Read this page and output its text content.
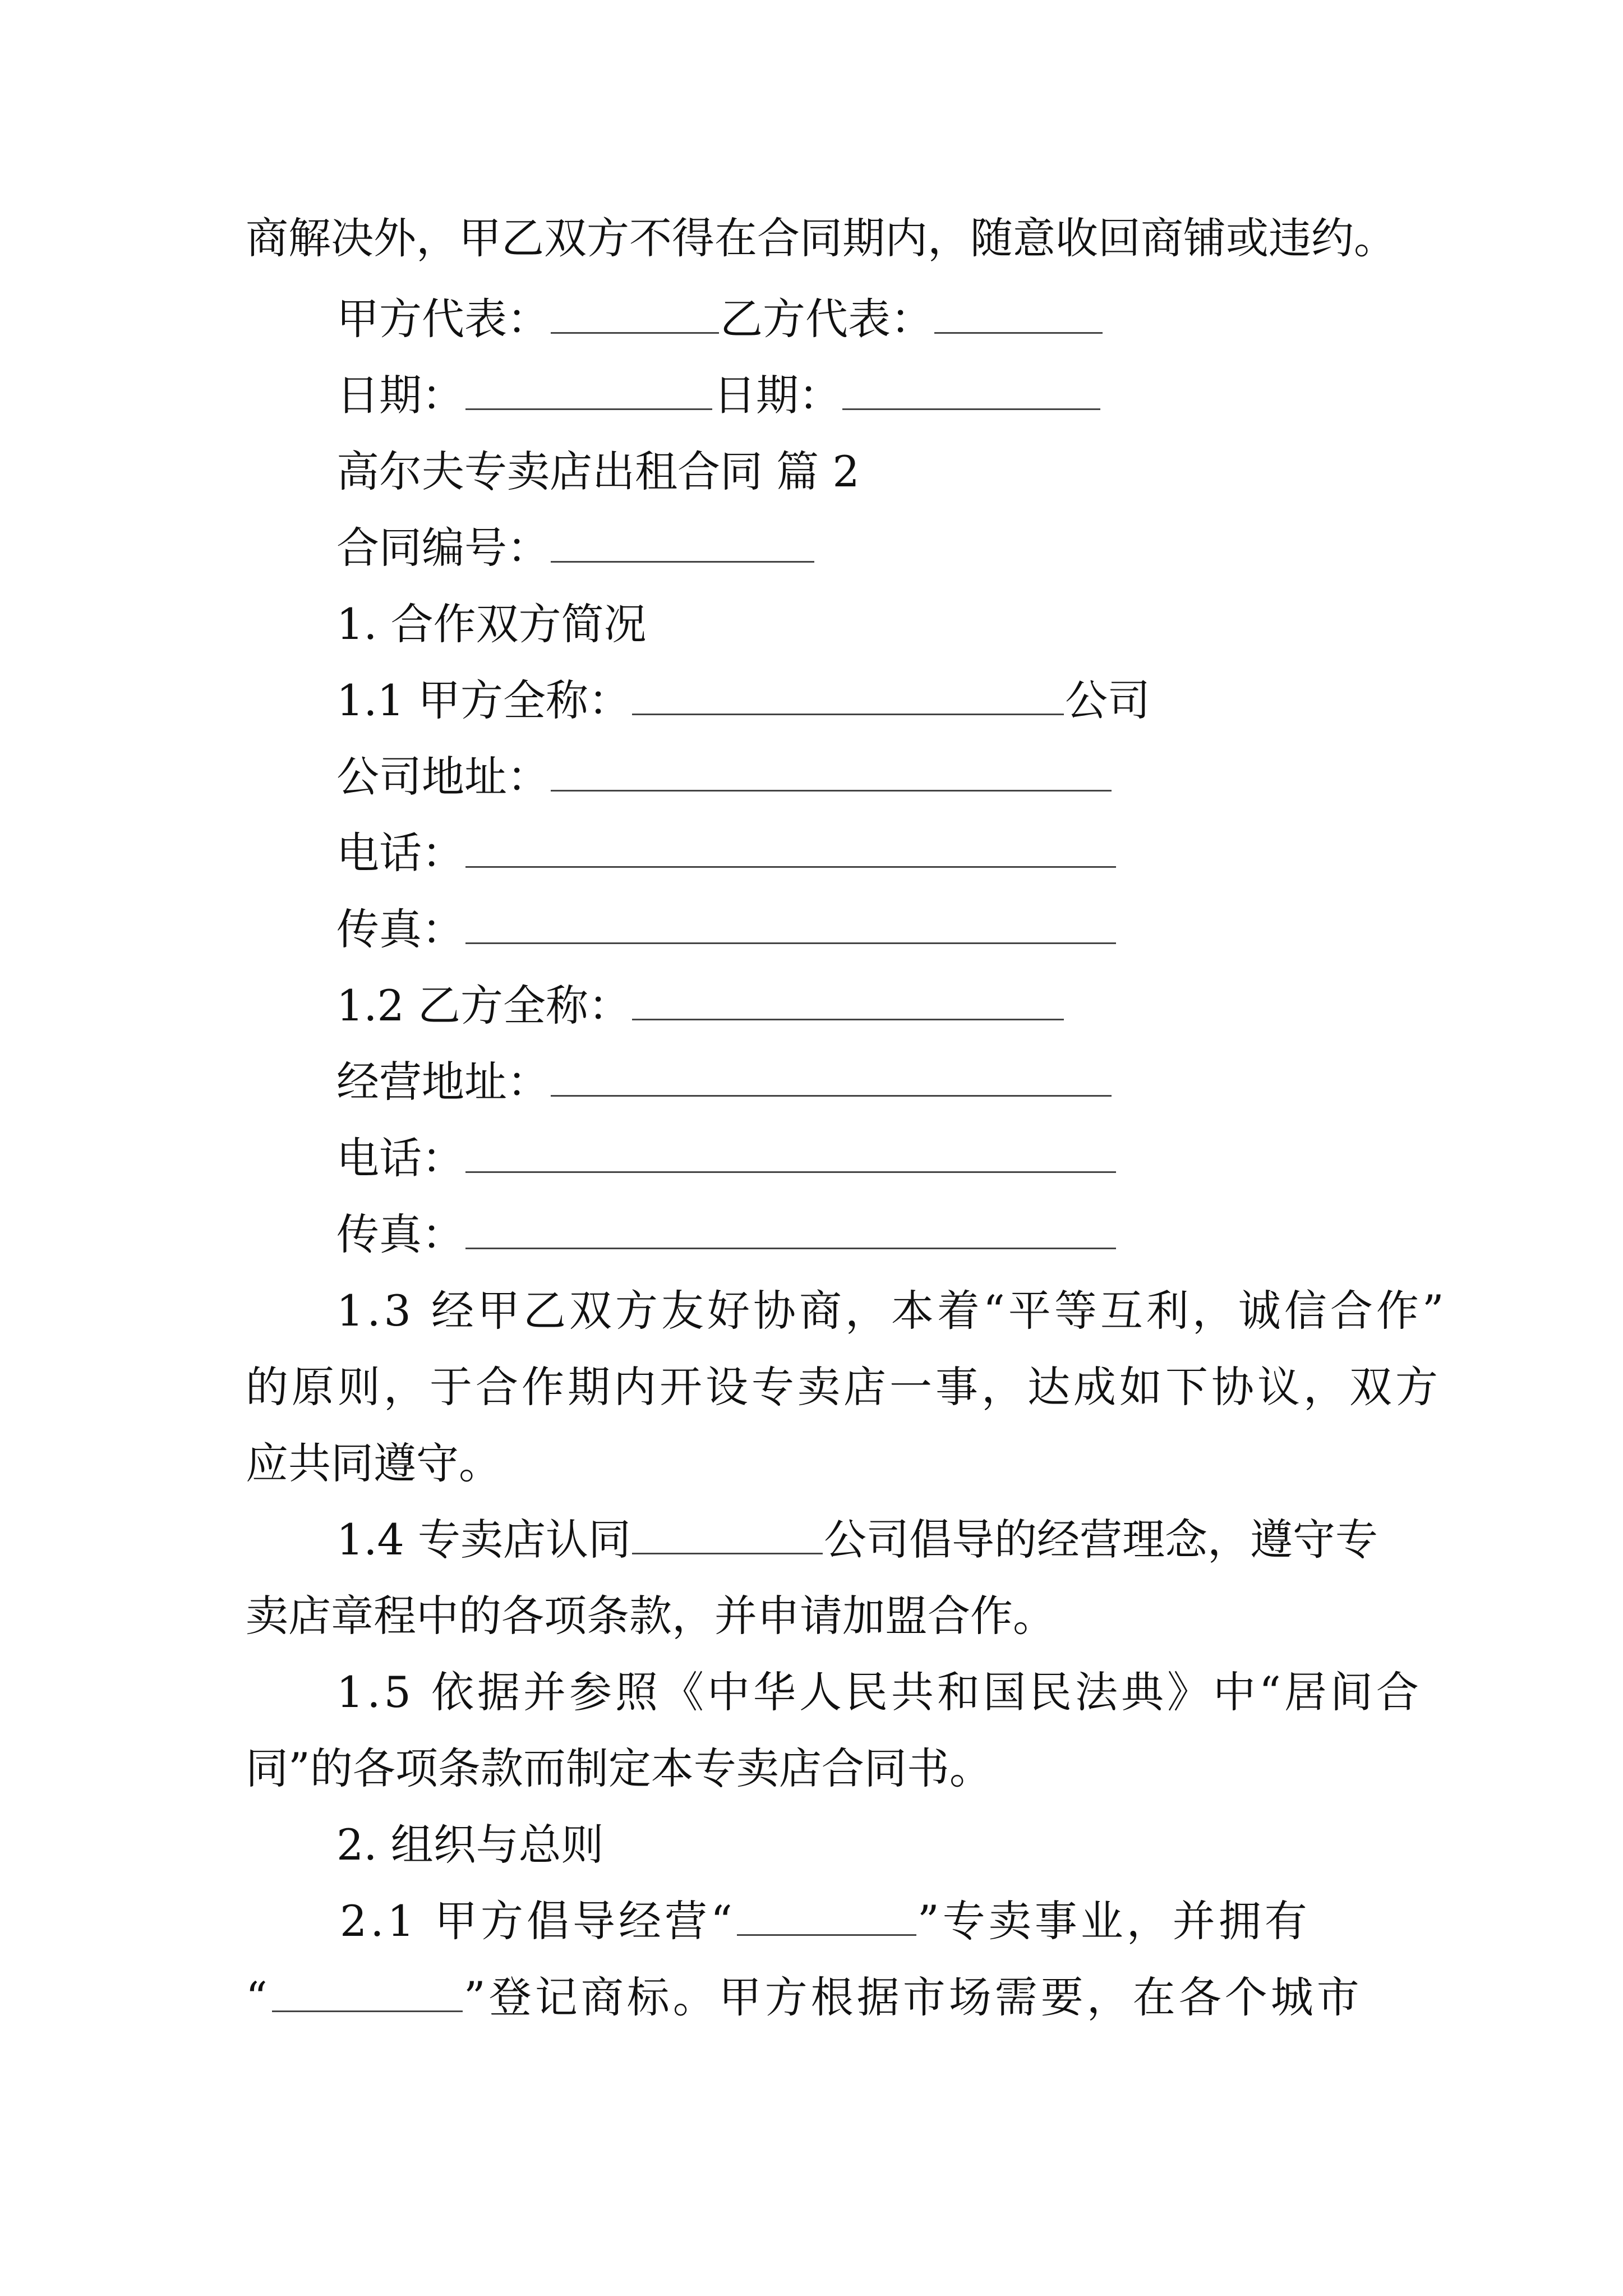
商解决外，甲乙双方不得在合同期内，随意收回商铺或违约。
甲方代表：	乙方代表：
日期：	日期：
高尔夫专卖店出租合同 篇 2
合同编号：
1. 合作双方简况
1.1 甲方全称：	公司
公司地址：
电话：
传真：
1.2 乙方全称：
经营地址：
电话：
传真：
1.3 经甲乙双方友好协商，本着“平等互利，诚信合作”
的原则，于合作期内开设专卖店一事，达成如下协议，双方
应共同遵守。
1.4 专卖店认同	公司倡导的经营理念，遵守专
卖店章程中的各项条款，并申请加盟合作。
1.5 依据并参照《中华人民共和国民法典》中“居间合
同”的各项条款而制定本专卖店合同书。
2. 组织与总则
2.1 甲方倡导经营“	”专卖事业，并拥有
“	”登记商标。甲方根据市场需要，在各个城市
